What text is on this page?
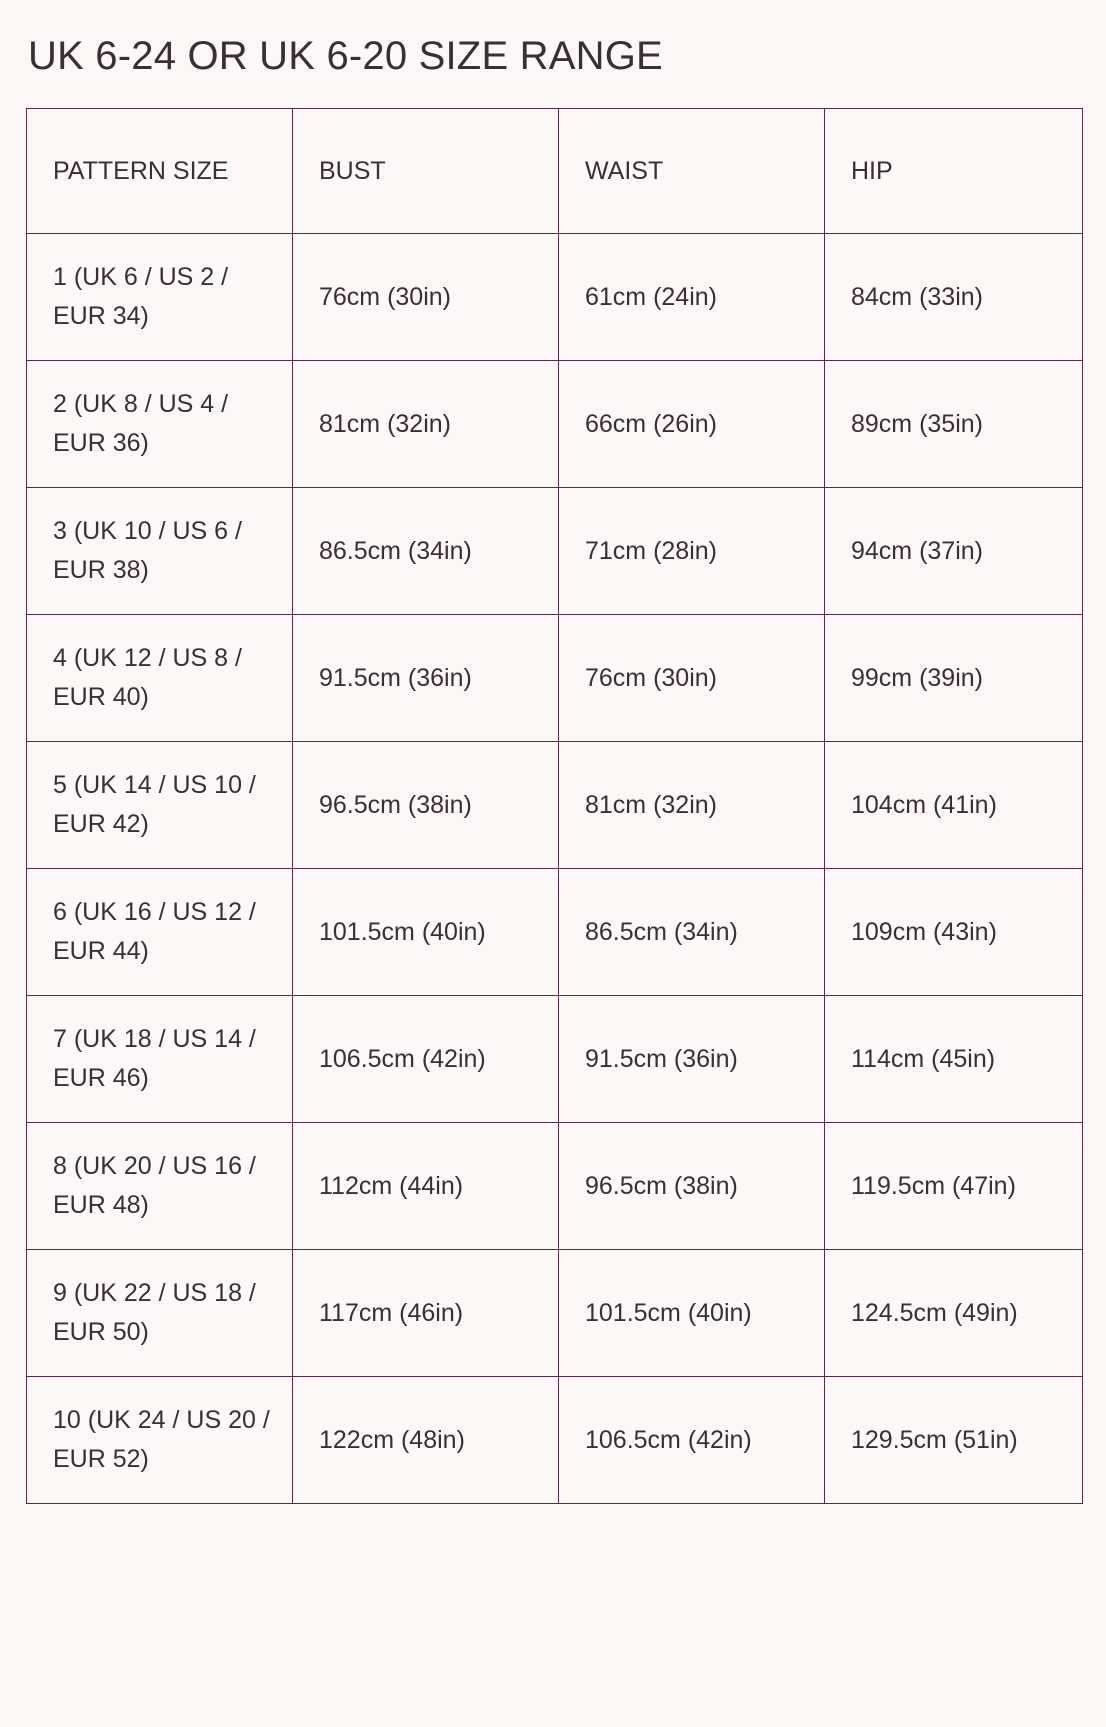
UK 6-24 OR UK 6-20 SIZE RANGE
PATTERN SIZE	BUST	WAIST	HIP
1 (UK 6 / US 2 / EUR 34)	76cm (30in)	61cm (24in)	84cm (33in)
2 (UK 8 / US 4 / EUR 36)	81cm (32in)	66cm (26in)	89cm (35in)
3 (UK 10 / US 6 / EUR 38)	86.5cm (34in)	71cm (28in)	94cm (37in)
4 (UK 12 / US 8 / EUR 40)	91.5cm (36in)	76cm (30in)	99cm (39in)
5 (UK 14 / US 10 / EUR 42)	96.5cm (38in)	81cm (32in)	104cm (41in)
6 (UK 16 / US 12 / EUR 44)	101.5cm (40in)	86.5cm (34in)	109cm (43in)
7 (UK 18 / US 14 / EUR 46)	106.5cm (42in)	91.5cm (36in)	114cm (45in)
8 (UK 20 / US 16 / EUR 48)	112cm (44in)	96.5cm (38in)	119.5cm (47in)
9 (UK 22 / US 18 / EUR 50)	117cm (46in)	101.5cm (40in)	124.5cm (49in)
10 (UK 24 / US 20 / EUR 52)	122cm (48in)	106.5cm (42in)	129.5cm (51in)
